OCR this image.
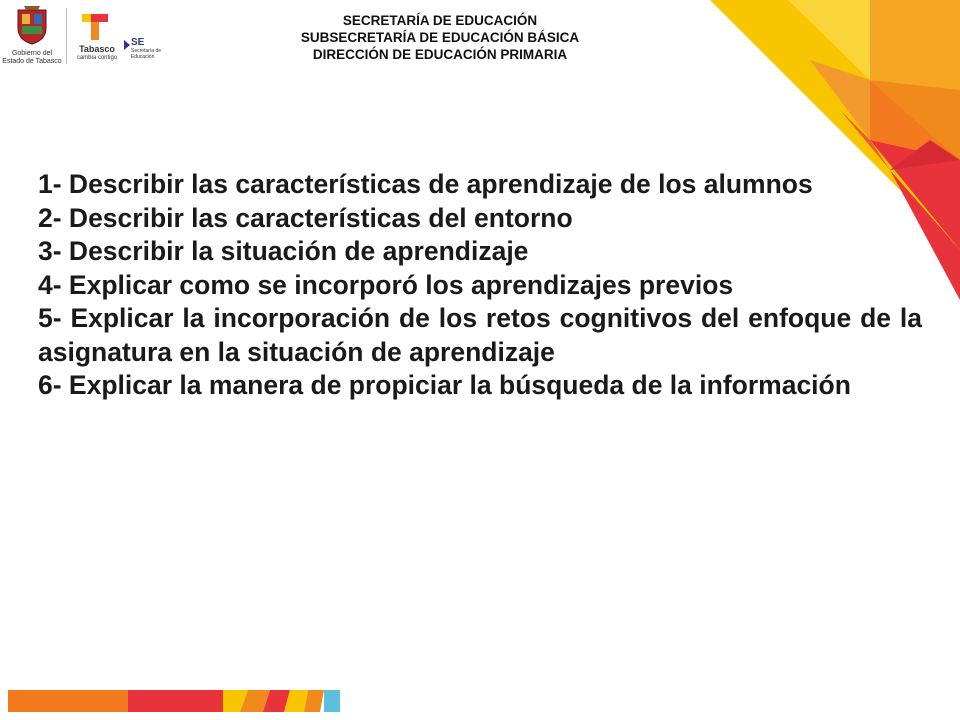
Gobierno del
Estado de Tabasco
Tabasco
cambia contigo
SE
Secretaría de
Educación
SECRETARÍA DE EDUCACIÓN
SUBSECRETARÍA DE EDUCACIÓN BÁSICA
DIRECCIÓN DE EDUCACIÓN PRIMARIA

1- Describir las características de aprendizaje de los alumnos

2- Describir las características del entorno

3- Describir la situación de aprendizaje

4- Explicar como se incorporó los aprendizajes previos

5- Explicar la incorporación de los retos cognitivos del enfoque de la asignatura en la situación de aprendizaje

6- Explicar la manera de propiciar la búsqueda de la información
